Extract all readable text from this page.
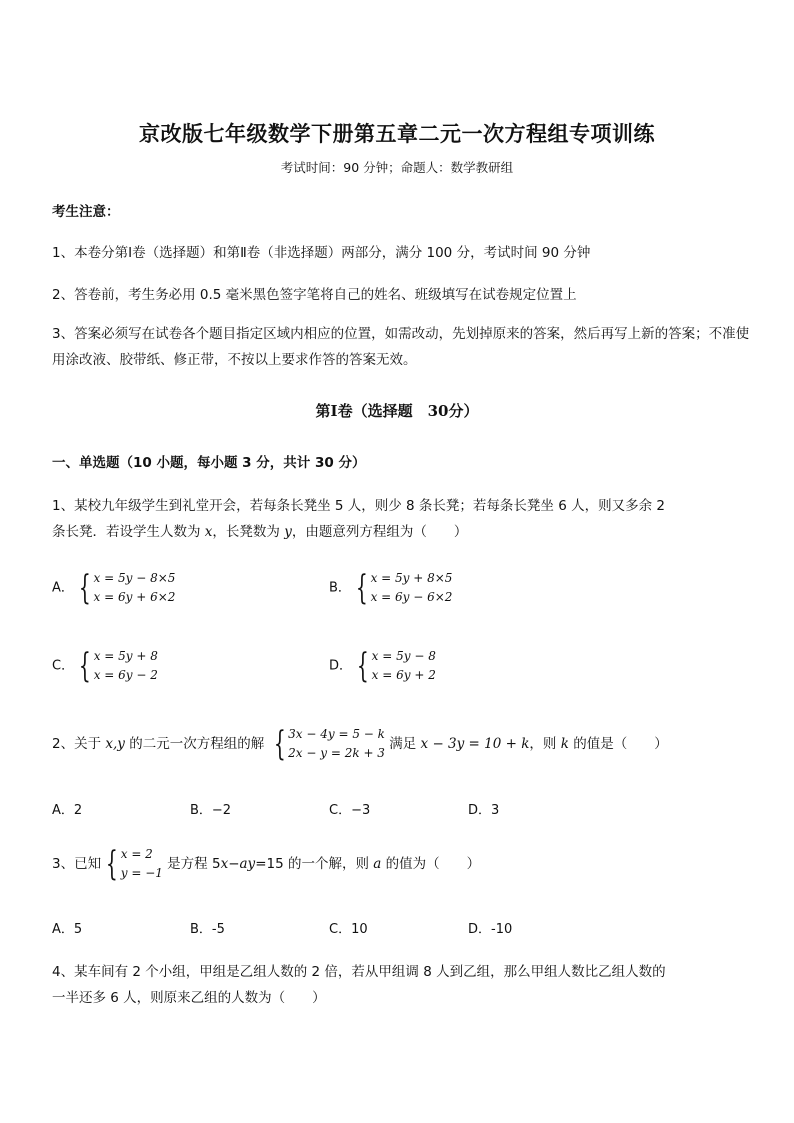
京改版七年级数学下册第五章二元一次方程组专项训练
考试时间：90 分钟；命题人：数学教研组
考生注意：
1、本卷分第Ⅰ卷（选择题）和第Ⅱ卷（非选择题）两部分，满分 100 分，考试时间 90 分钟
2、答卷前，考生务必用 0.5 毫米黑色签字笔将自己的姓名、班级填写在试卷规定位置上
3、答案必须写在试卷各个题目指定区域内相应的位置，如需改动，先划掉原来的答案，然后再写上新的答案；不准使用涂改液、胶带纸、修正带，不按以上要求作答的答案无效。
第Ⅰ卷（选择题　30分）
一、单选题（10 小题，每小题 3 分，共计 30 分）
1、某校九年级学生到礼堂开会，若每条长凳坐 5 人，则少 8 条长凳；若每条长凳坐 6 人，则又多余 2
条长凳．若设学生人数为 x，长凳数为 y，由题意列方程组为（　　）
A． { x = 5y − 8×5
x = 6y + 6×2
B． { x = 5y + 8×5
x = 6y − 6×2
C． { x = 5y + 8
x = 6y − 2
D． { x = 5y − 8
x = 6y + 2
2、关于 x,y 的二元一次方程组的解 { 3x − 4y = 5 − k
2x − y = 2k + 3
满足 x − 3y = 10 + k，则 k 的值是（　　）
A．2	B．−2	C．−3	D．3
3、已知 { x = 2
y = −1
是方程 5x−ay=15 的一个解，则 a 的值为（　　）
A．5	B．-5	C．10	D．-10
4、某车间有 2 个小组，甲组是乙组人数的 2 倍，若从甲组调 8 人到乙组，那么甲组人数比乙组人数的
一半还多 6 人，则原来乙组的人数为（　　）
